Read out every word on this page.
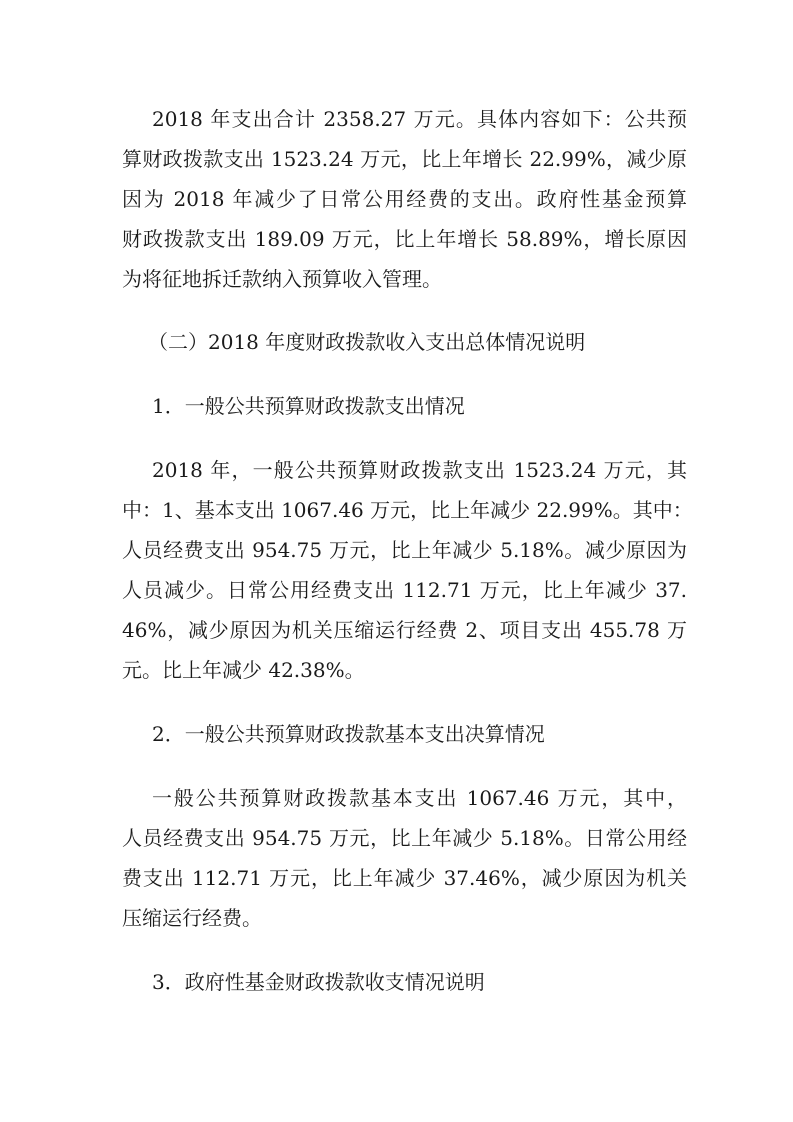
2018 年支出合计 2358.27 万元。具体内容如下：公共预
算财政拨款支出 1523.24 万元，比上年增长 22.99%，减少原
因为 2018 年减少了日常公用经费的支出。政府性基金预算
财政拨款支出 189.09 万元，比上年增长 58.89%，增长原因
为将征地拆迁款纳入预算收入管理。
（二）2018 年度财政拨款收入支出总体情况说明
1．一般公共预算财政拨款支出情况
2018 年，一般公共预算财政拨款支出 1523.24 万元，其
中：1、基本支出 1067.46 万元，比上年减少 22.99%。其中：
人员经费支出 954.75 万元，比上年减少 5.18%。减少原因为
人员减少。日常公用经费支出 112.71 万元，比上年减少 37.
46%，减少原因为机关压缩运行经费 2、项目支出 455.78 万
元。比上年减少 42.38%。
2．一般公共预算财政拨款基本支出决算情况
一般公共预算财政拨款基本支出 1067.46 万元，其中，
人员经费支出 954.75 万元，比上年减少 5.18%。日常公用经
费支出 112.71 万元，比上年减少 37.46%，减少原因为机关
压缩运行经费。
3．政府性基金财政拨款收支情况说明
